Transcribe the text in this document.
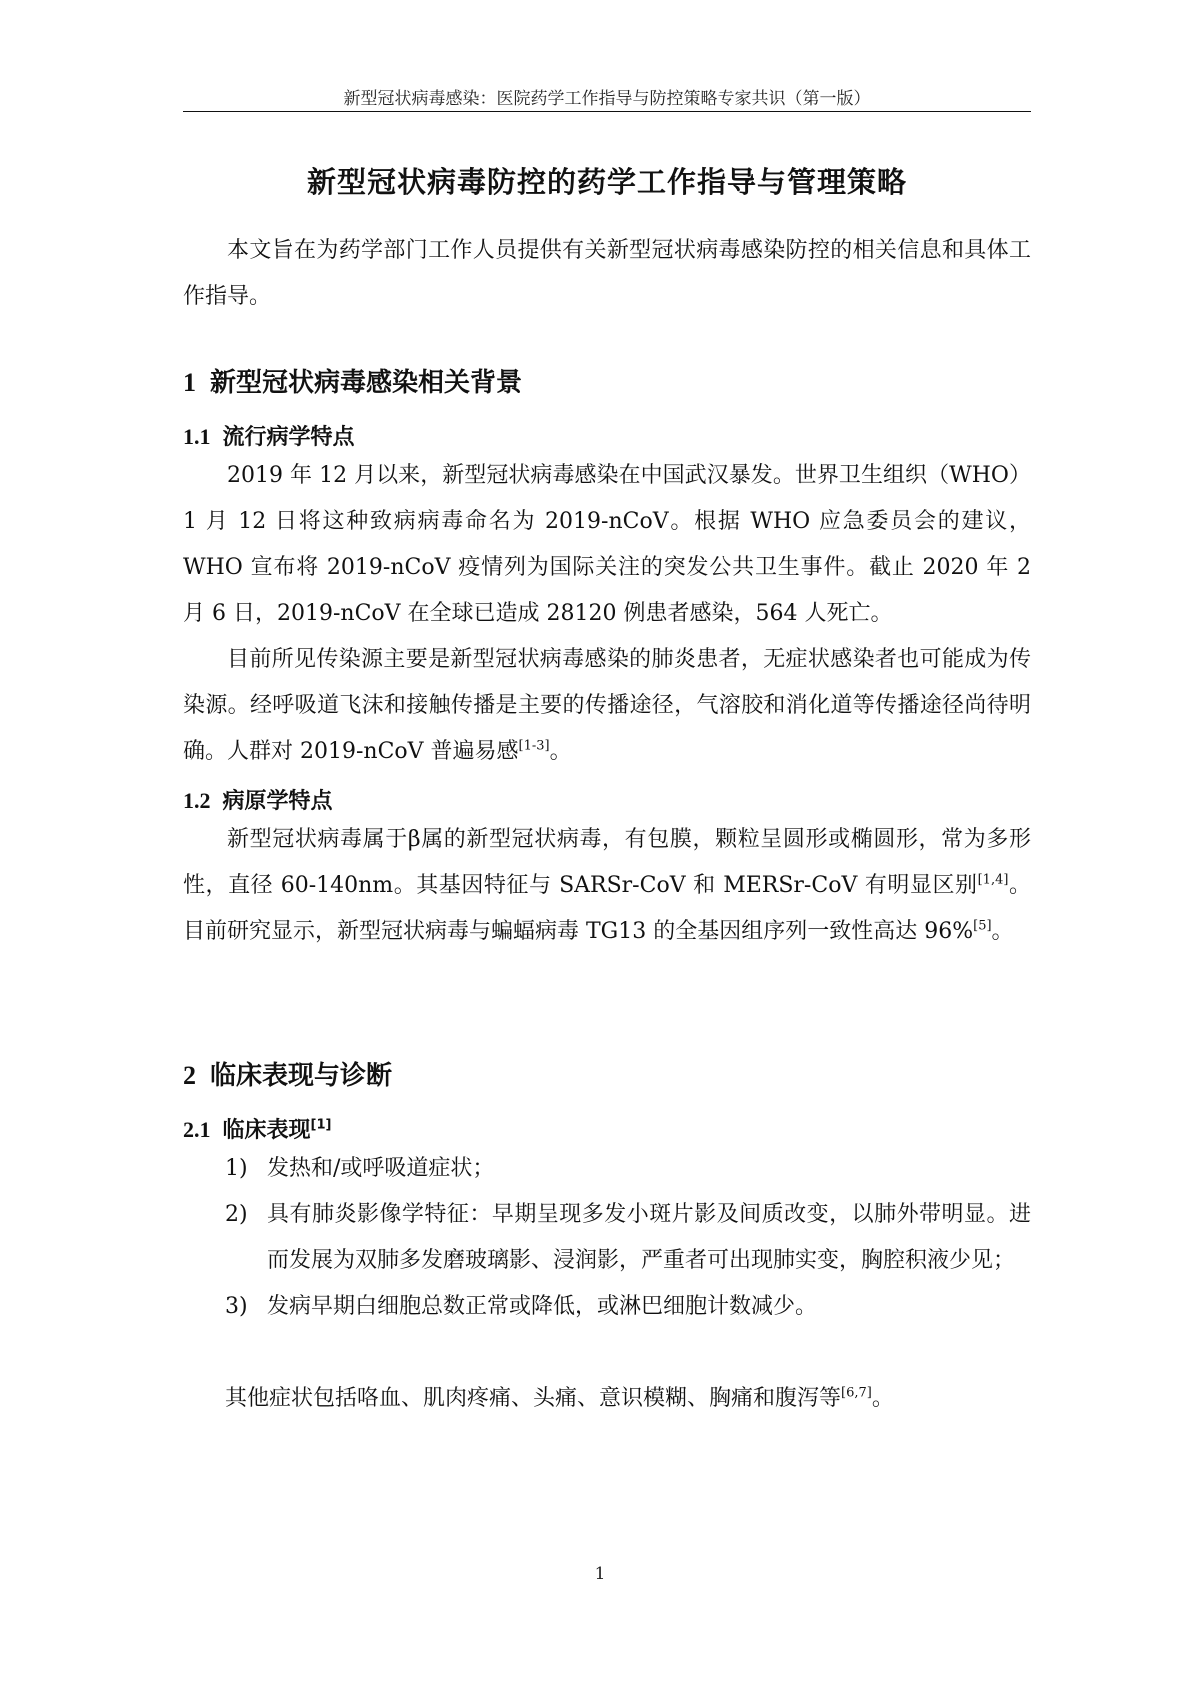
新型冠状病毒感染：医院药学工作指导与防控策略专家共识（第一版）
新型冠状病毒防控的药学工作指导与管理策略

本文旨在为药学部门工作人员提供有关新型冠状病毒感染防控的相关信息和具体工作指导。

1 新型冠状病毒感染相关背景
1.1 流行病学特点

2019 年 12 月以来，新型冠状病毒感染在中国武汉暴发。世界卫生组织（WHO）1 月 12 日将这种致病病毒命名为 2019-nCoV。根据 WHO 应急委员会的建议，WHO 宣布将 2019-nCoV 疫情列为国际关注的突发公共卫生事件。截止 2020 年 2 月 6 日，2019-nCoV 在全球已造成 28120 例患者感染，564 人死亡。

目前所见传染源主要是新型冠状病毒感染的肺炎患者，无症状感染者也可能成为传染源。经呼吸道飞沫和接触传播是主要的传播途径，气溶胶和消化道等传播途径尚待明确。人群对 2019-nCoV 普遍易感[1-3]。

1.2 病原学特点

新型冠状病毒属于β属的新型冠状病毒，有包膜，颗粒呈圆形或椭圆形，常为多形性，直径 60-140nm。其基因特征与 SARSr-CoV 和 MERSr-CoV 有明显区别[1,4]。目前研究显示，新型冠状病毒与蝙蝠病毒 TG13 的全基因组序列一致性高达 96%[5]。

2 临床表现与诊断
2.1 临床表现[1]
1) 发热和/或呼吸道症状；
2) 具有肺炎影像学特征：早期呈现多发小斑片影及间质改变，以肺外带明显。进而发展为双肺多发磨玻璃影、浸润影，严重者可出现肺实变，胸腔积液少见；
3) 发病早期白细胞总数正常或降低，或淋巴细胞计数减少。

其他症状包括咯血、肌肉疼痛、头痛、意识模糊、胸痛和腹泻等[6,7]。

1
